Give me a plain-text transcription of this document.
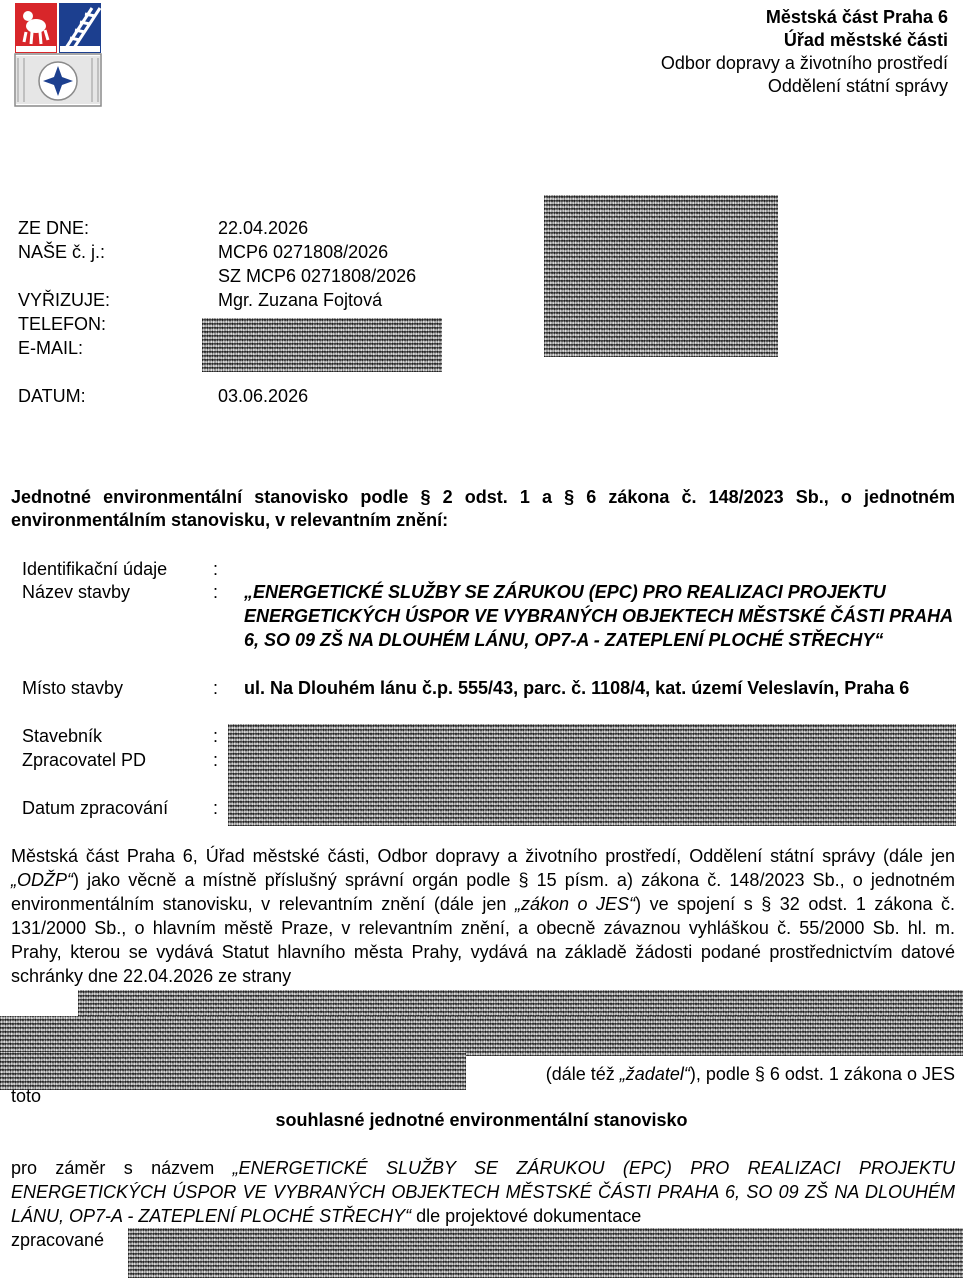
Městská část Praha 6
Úřad městské části
Odbor dopravy a životního prostředí
Oddělení státní správy
ZE DNE:	22.04.2026
NAŠE č. j.:	MCP6 0271808/2026
SZ MCP6 0271808/2026
VYŘIZUJE:	Mgr. Zuzana Fojtová
TELEFON:
E-MAIL:
DATUM:	03.06.2026
Jednotné environmentální stanovisko podle § 2 odst. 1 a § 6 zákona č. 148/2023 Sb., o jednotném environmentálním stanovisku, v relevantním znění:
Identifikační údaje	:
Název stavby	: „ENERGETICKÉ SLUŽBY SE ZÁRUKOU (EPC) PRO REALIZACI PROJEKTU ENERGETICKÝCH ÚSPOR VE VYBRANÝCH OBJEKTECH MĚSTSKÉ ČÁSTI PRAHA 6, SO 09 ZŠ NA DLOUHÉM LÁNU, OP7-A - ZATEPLENÍ PLOCHÉ STŘECHY“
Místo stavby	: ul. Na Dlouhém lánu č.p. 555/43, parc. č. 1108/4, kat. území Veleslavín, Praha 6
Stavebník	:
Zpracovatel PD	:
Datum zpracování :
Městská část Praha 6, Úřad městské části, Odbor dopravy a životního prostředí, Oddělení státní správy (dále jen „ODŽP“) jako věcně a místně příslušný správní orgán podle § 15 písm. a) zákona č. 148/2023 Sb., o jednotném environmentálním stanovisku, v relevantním znění (dále jen „zákon o JES“) ve spojení s § 32 odst. 1 zákona č. 131/2000 Sb., o hlavním městě Praze, v relevantním znění, a obecně závaznou vyhláškou č. 55/2000 Sb. hl. m. Prahy, kterou se vydává Statut hlavního města Prahy, vydává na základě žádosti podané prostřednictvím datové schránky dne 22.04.2026 ze strany
(dále též „žadatel“), podle § 6 odst. 1 zákona o JES
toto
souhlasné jednotné environmentální stanovisko
pro záměr s názvem „ENERGETICKÉ SLUŽBY SE ZÁRUKOU (EPC) PRO REALIZACI PROJEKTU ENERGETICKÝCH ÚSPOR VE VYBRANÝCH OBJEKTECH MĚSTSKÉ ČÁSTI PRAHA 6, SO 09 ZŠ NA DLOUHÉM LÁNU, OP7-A - ZATEPLENÍ PLOCHÉ STŘECHY“ dle projektové dokumentace
zpracované
